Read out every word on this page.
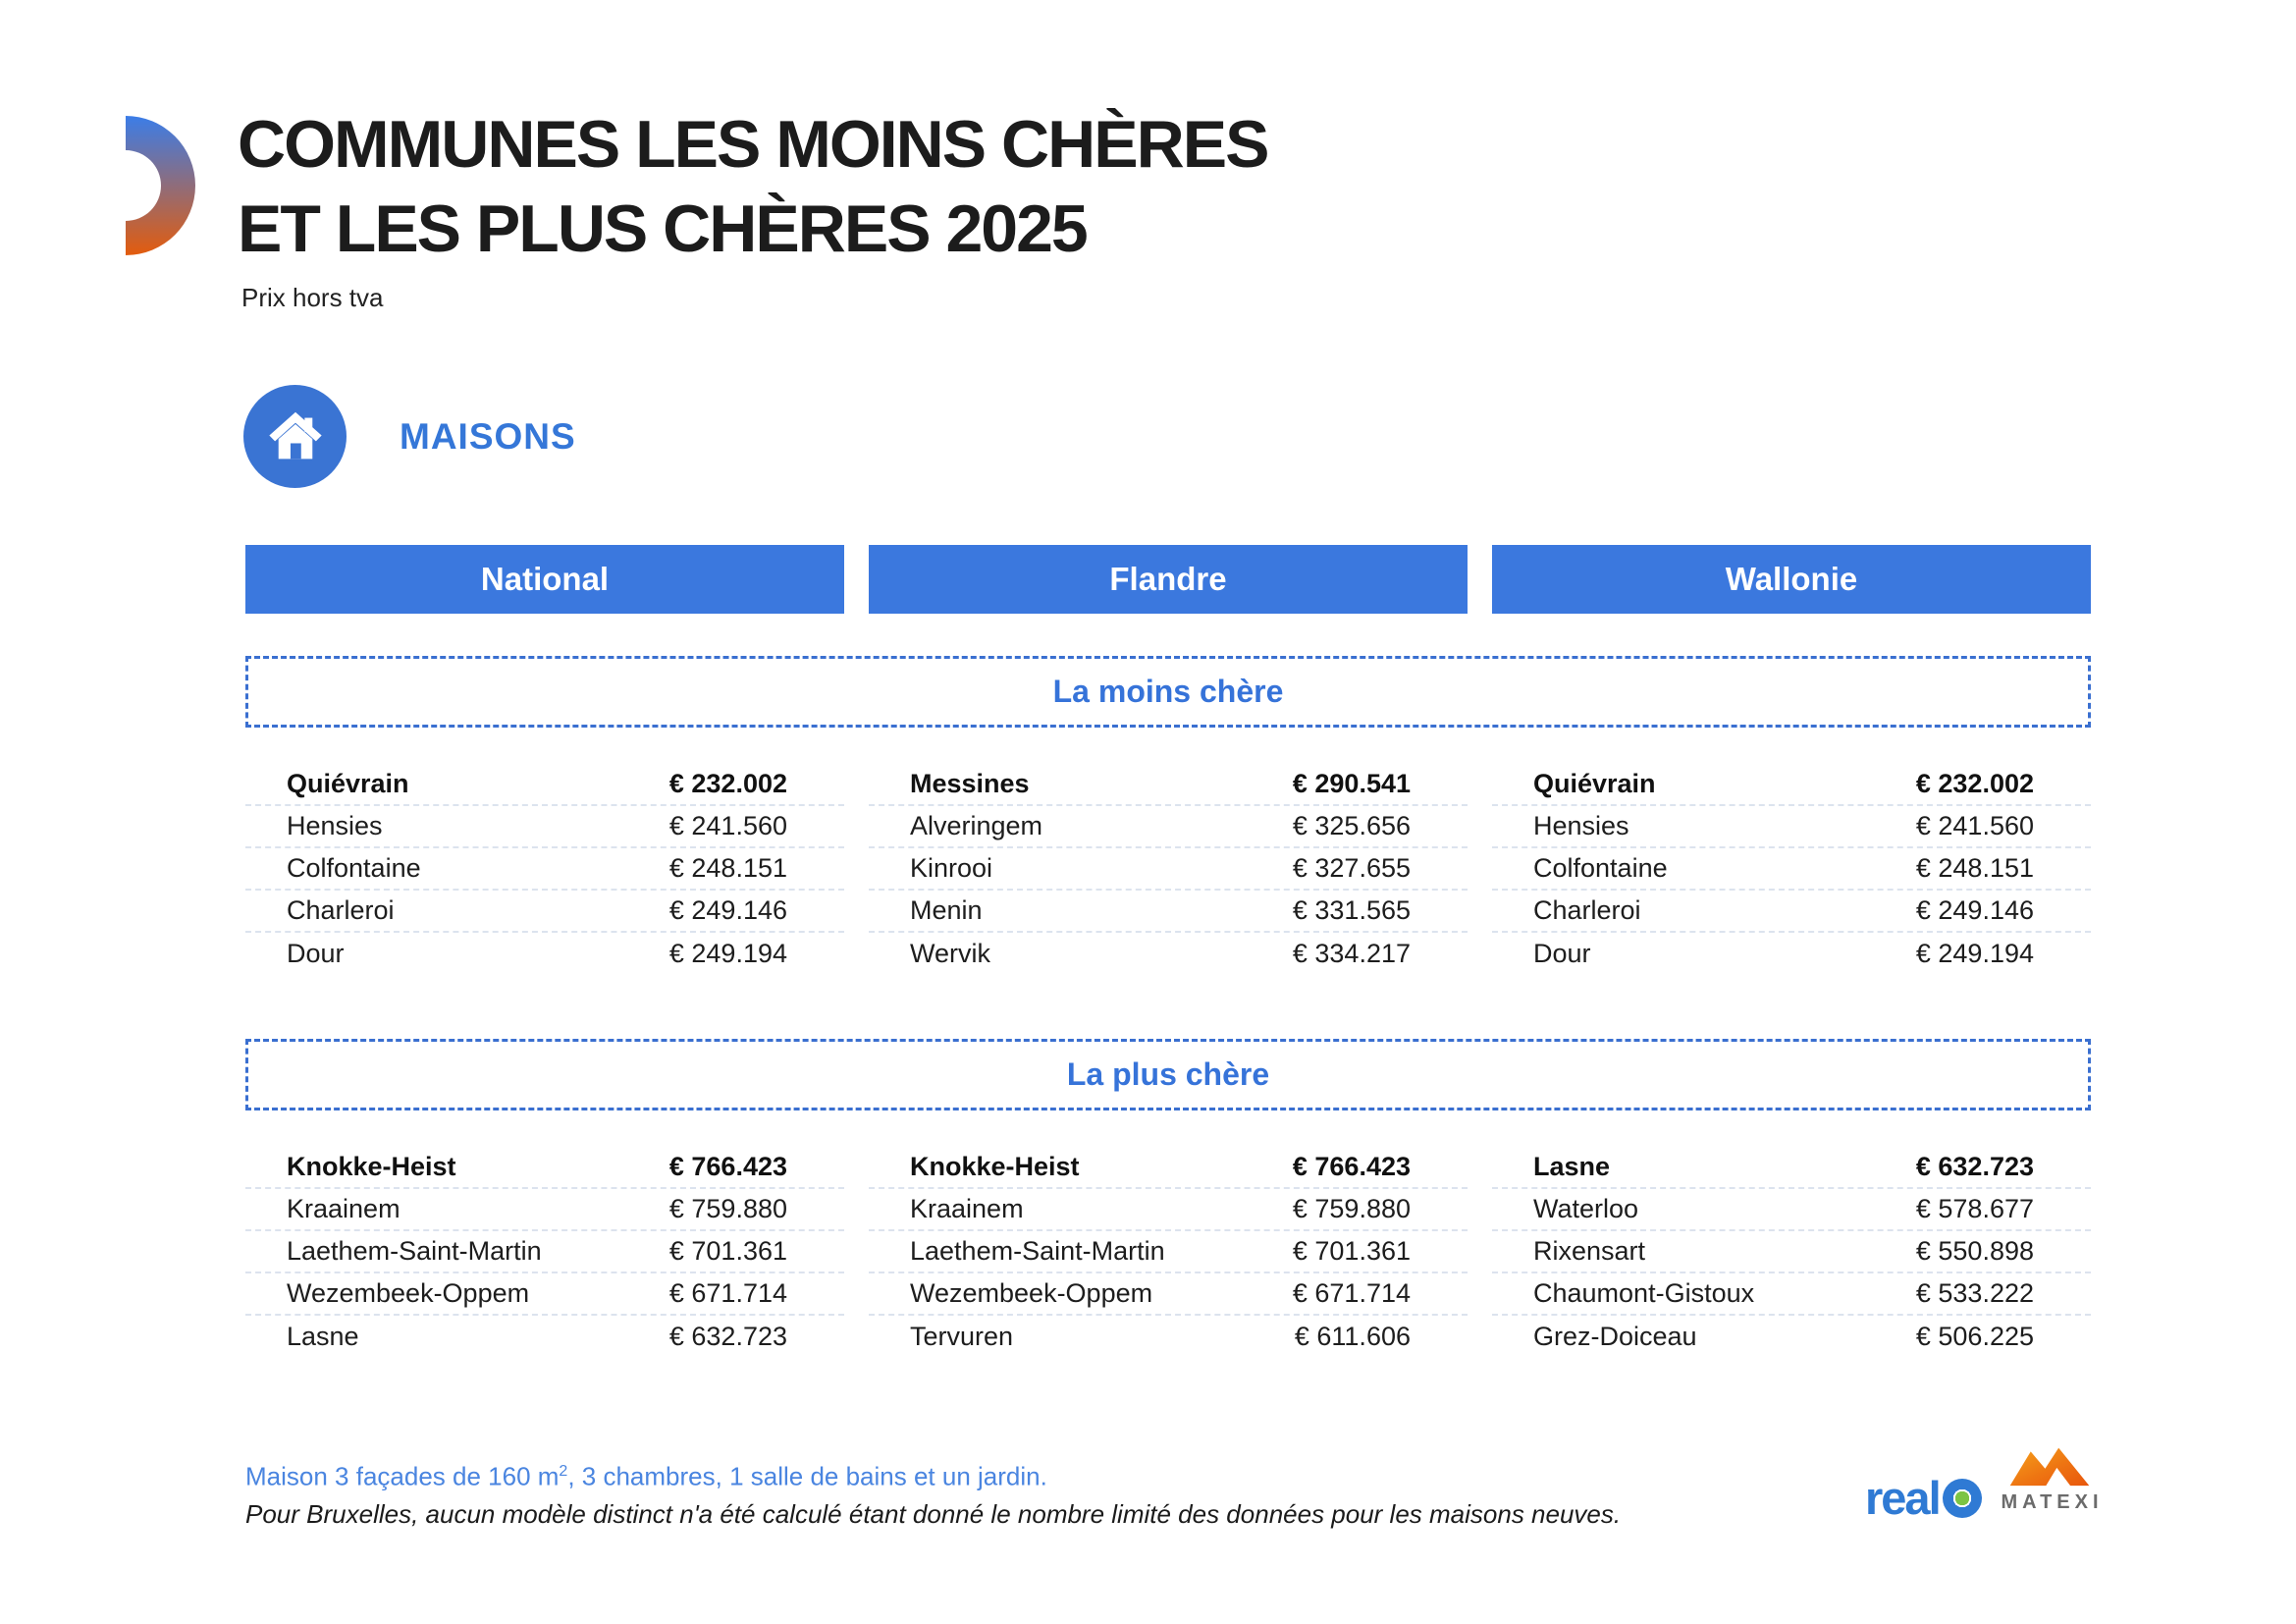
COMMUNES LES MOINS CHÈRES
ET LES PLUS CHÈRES 2025
Prix hors tva
MAISONS
National	Flandre	Wallonie
La moins chère
Quiévrain	€ 232.002
Hensies	€ 241.560
Colfontaine	€ 248.151
Charleroi	€ 249.146
Dour	€ 249.194
Messines	€ 290.541
Alveringem	€ 325.656
Kinrooi	€ 327.655
Menin	€ 331.565
Wervik	€ 334.217
Quiévrain	€ 232.002
Hensies	€ 241.560
Colfontaine	€ 248.151
Charleroi	€ 249.146
Dour	€ 249.194
La plus chère
Knokke-Heist	€ 766.423
Kraainem	€ 759.880
Laethem-Saint-Martin	€ 701.361
Wezembeek-Oppem	€ 671.714
Lasne	€ 632.723
Knokke-Heist	€ 766.423
Kraainem	€ 759.880
Laethem-Saint-Martin	€ 701.361
Wezembeek-Oppem	€ 671.714
Tervuren	€ 611.606
Lasne	€ 632.723
Waterloo	€ 578.677
Rixensart	€ 550.898
Chaumont-Gistoux	€ 533.222
Grez-Doiceau	€ 506.225
Maison 3 façades de 160 $m^2$, 3 chambres, 1 salle de bains et un jardin.
Pour Bruxelles, aucun modèle distinct n'a été calculé étant donné le nombre limité des données pour les maisons neuves.	real	MATEXI
